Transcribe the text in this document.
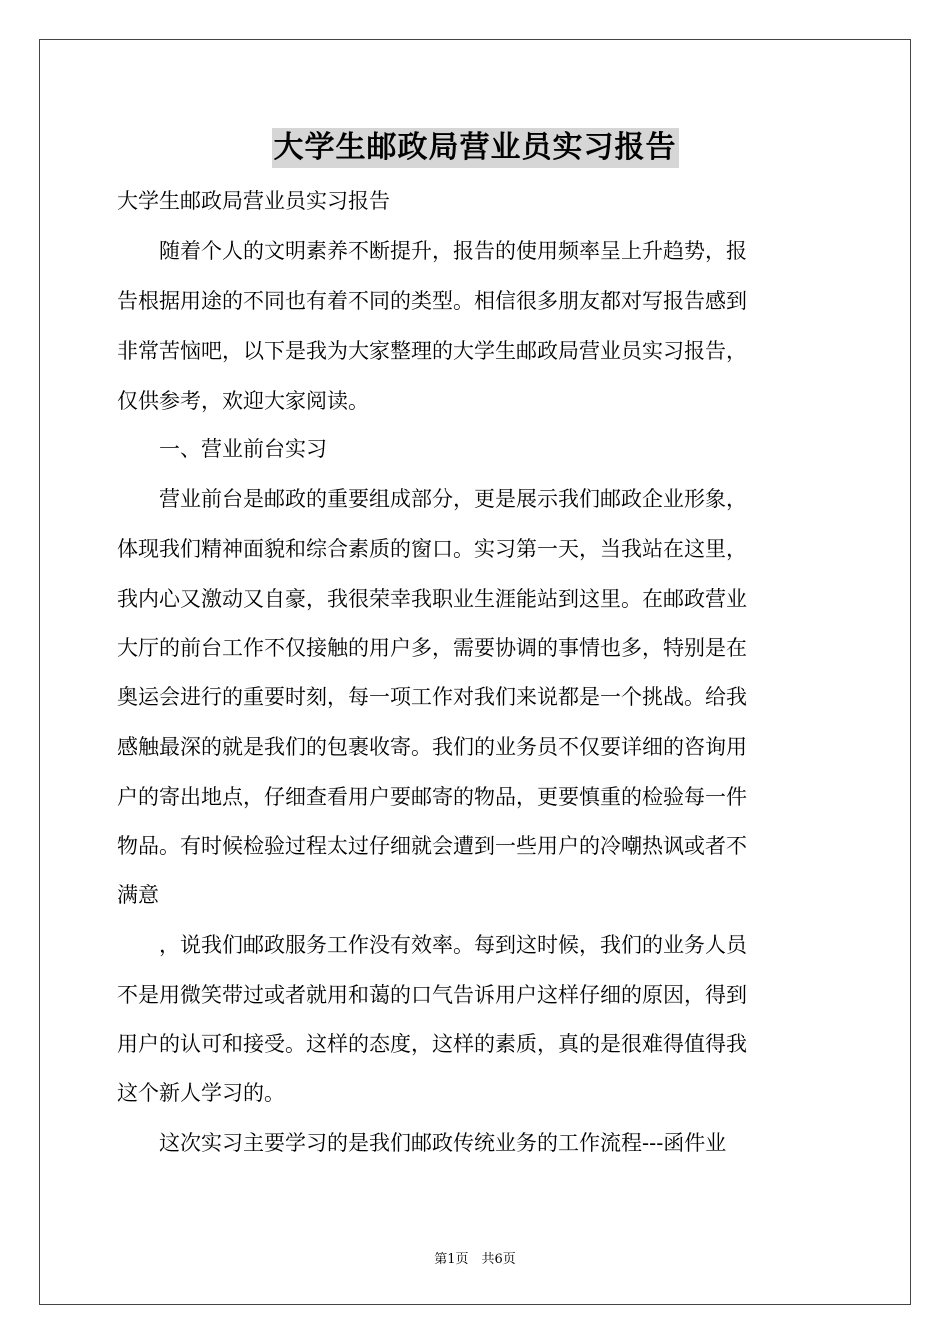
大学生邮政局营业员实习报告
大学生邮政局营业员实习报告
　　随着个人的文明素养不断提升，报告的使用频率呈上升趋势，报
告根据用途的不同也有着不同的类型。相信很多朋友都对写报告感到
非常苦恼吧，以下是我为大家整理的大学生邮政局营业员实习报告，
仅供参考，欢迎大家阅读。
　　一、营业前台实习
　　营业前台是邮政的重要组成部分，更是展示我们邮政企业形象，
体现我们精神面貌和综合素质的窗口。实习第一天，当我站在这里，
我内心又激动又自豪，我很荣幸我职业生涯能站到这里。在邮政营业
大厅的前台工作不仅接触的用户多，需要协调的事情也多，特别是在
奥运会进行的重要时刻，每一项工作对我们来说都是一个挑战。给我
感触最深的就是我们的包裹收寄。我们的业务员不仅要详细的咨询用
户的寄出地点，仔细查看用户要邮寄的物品，更要慎重的检验每一件
物品。有时候检验过程太过仔细就会遭到一些用户的冷嘲热讽或者不
满意
　　，说我们邮政服务工作没有效率。每到这时候，我们的业务人员
不是用微笑带过或者就用和蔼的口气告诉用户这样仔细的原因，得到
用户的认可和接受。这样的态度，这样的素质，真的是很难得值得我
这个新人学习的。
　　这次实习主要学习的是我们邮政传统业务的工作流程---函件业
第1页　共6页
